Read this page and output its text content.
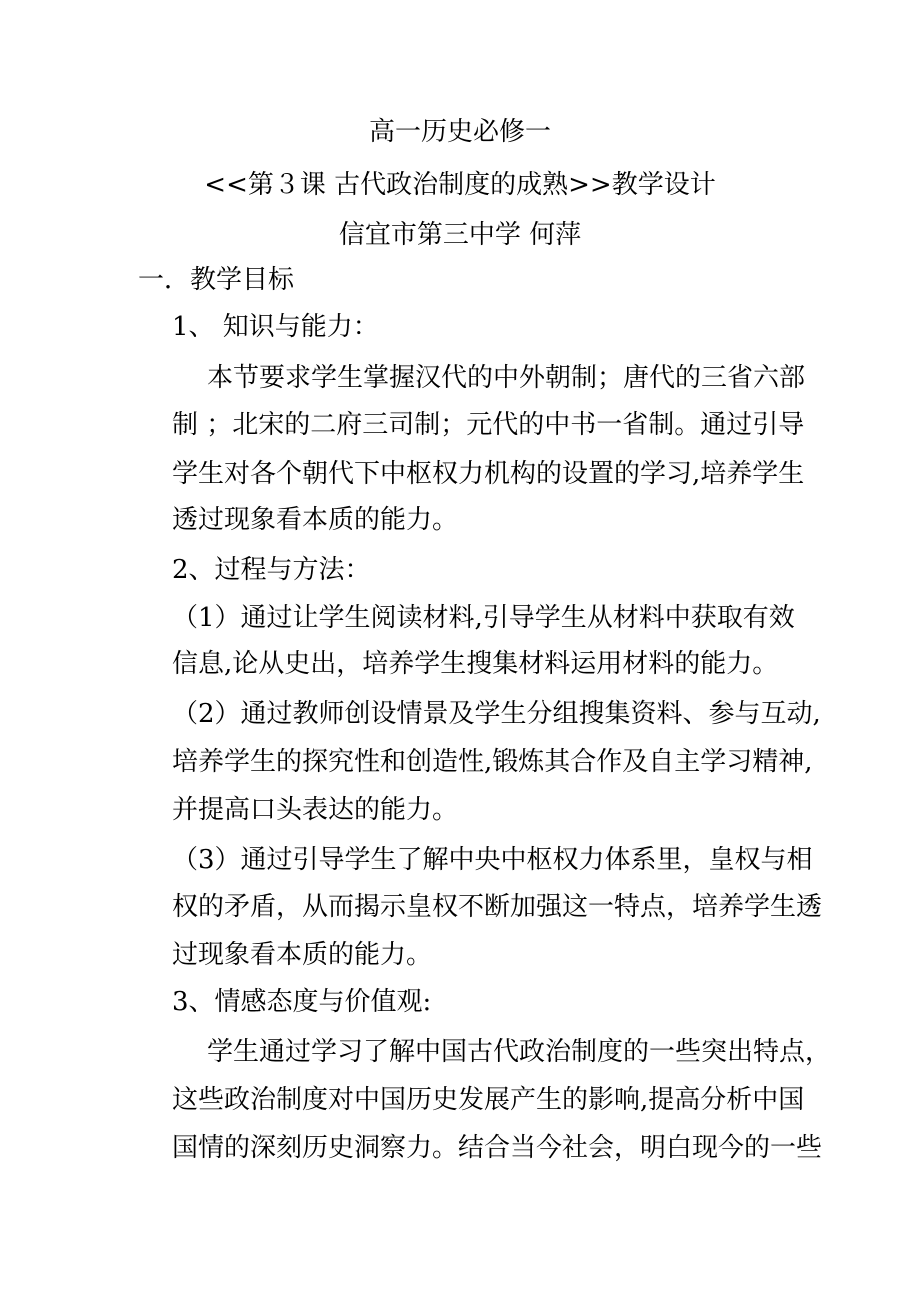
高一历史必修一
<<第３课 古代政治制度的成熟>>教学设计
信宜市第三中学 何萍
一．教学目标
1、 知识与能力：
本节要求学生掌握汉代的中外朝制；唐代的三省六部
制 ；北宋的二府三司制；元代的中书一省制。通过引导
学生对各个朝代下中枢权力机构的设置的学习,培养学生
透过现象看本质的能力。
2、过程与方法：
（1）通过让学生阅读材料,引导学生从材料中获取有效
信息,论从史出，培养学生搜集材料运用材料的能力。
（2）通过教师创设情景及学生分组搜集资料、参与互动,
培养学生的探究性和创造性,锻炼其合作及自主学习精神,
并提高口头表达的能力。
（3）通过引导学生了解中央中枢权力体系里，皇权与相
权的矛盾，从而揭示皇权不断加强这一特点，培养学生透
过现象看本质的能力。
3、情感态度与价值观:
学生通过学习了解中国古代政治制度的一些突出特点，
这些政治制度对中国历史发展产生的影响,提高分析中国
国情的深刻历史洞察力。结合当今社会，明白现今的一些
